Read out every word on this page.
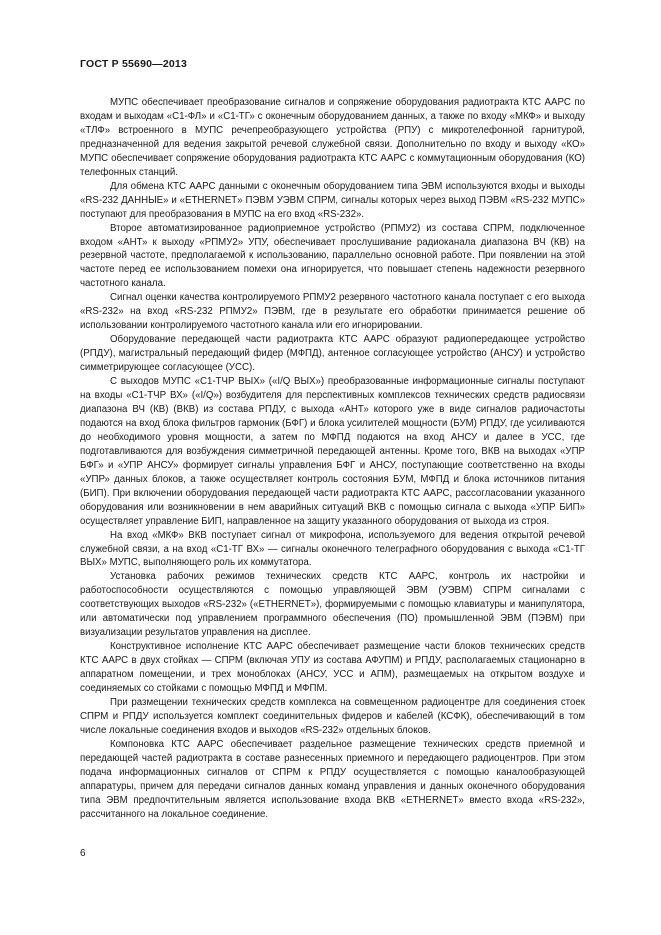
ГОСТ Р 55690—2013

МУПС обеспечивает преобразование сигналов и сопряжение оборудования радиотракта КТС ААРС по входам и выходам «С1-ФЛ» и «С1-ТГ» с оконечным оборудованием данных, а также по входу «МКФ» и выходу «ТЛФ» встроенного в МУПС речепреобразующего устройства (РПУ) с микротелефонной гарнитурой, предназначенной для ведения закрытой речевой служебной связи. Дополнительно по входу и выходу «КО» МУПС обеспечивает сопряжение оборудования радиотракта КТС ААРС с коммутационным оборудования (КО) телефонных станций.

Для обмена КТС ААРС данными с оконечным оборудованием типа ЭВМ используются входы и выходы «RS-232 ДАННЫЕ» и «ETHERNET» ПЭВМ УЭВМ СПРМ, сигналы которых через выход ПЭВМ «RS-232 МУПС» поступают для преобразования в МУПС на его вход «RS-232».

Второе автоматизированное радиоприемное устройство (РПМУ2) из состава СПРМ, подключенное входом «АНТ» к выходу «РПМУ2» УПУ, обеспечивает прослушивание радиоканала диапазона ВЧ (КВ) на резервной частоте, предполагаемой к использованию, параллельно основной работе. При появлении на этой частоте перед ее использованием помехи она игнорируется, что повышает степень надежности резервного частотного канала.

Сигнал оценки качества контролируемого РПМУ2 резервного частотного канала поступает с его выхода «RS-232» на вход «RS-232 РПМУ2» ПЭВМ, где в результате его обработки принимается решение об использовании контролируемого частотного канала или его игнорировании.

Оборудование передающей части радиотракта КТС ААРС образуют радиопередающее устройство (РПДУ), магистральный передающий фидер (МФПД), антенное согласующее устройство (АНСУ) и устройство симметрирующее согласующее (УСС).

С выходов МУПС «С1-ТЧР ВЫХ» («I/Q ВЫХ») преобразованные информационные сигналы поступают на входы «С1-ТЧР ВХ» («I/Q») возбудителя для перспективных комплексов технических средств радиосвязи диапазона ВЧ (КВ) (ВКВ) из состава РПДУ, с выхода «АНТ» которого уже в виде сигналов радиочастоты подаются на вход блока фильтров гармоник (БФГ) и блока усилителей мощности (БУМ) РПДУ, где усиливаются до необходимого уровня мощности, а затем по МФПД подаются на вход АНСУ и далее в УСС, где подготавливаются для возбуждения симметричной передающей антенны. Кроме того, ВКВ на выходах «УПР БФГ» и «УПР АНСУ» формирует сигналы управления БФГ и АНСУ, поступающие соответственно на входы «УПР» данных блоков, а также осуществляет контроль состояния БУМ, МФПД и блока источников питания (БИП). При включении оборудования передающей части радиотракта КТС ААРС, рассогласовании указанного оборудования или возникновении в нем аварийных ситуаций ВКВ с помощью сигнала с выхода «УПР БИП» осуществляет управление БИП, направленное на защиту указанного оборудования от выхода из строя.

На вход «МКФ» ВКВ поступает сигнал от микрофона, используемого для ведения открытой речевой служебной связи, а на вход «С1-ТГ ВХ» — сигналы оконечного телеграфного оборудования с выхода «С1-ТГ ВЫХ» МУПС, выполняющего роль их коммутатора.

Установка рабочих режимов технических средств КТС ААРС, контроль их настройки и работоспособности осуществляются с помощью управляющей ЭВМ (УЭВМ) СПРМ сигналами с соответствующих выходов «RS-232» («ETHERNET»), формируемыми с помощью клавиатуры и манипулятора, или автоматически под управлением программного обеспечения (ПО) промышленной ЭВМ (ПЭВМ) при визуализации результатов управления на дисплее.

Конструктивное исполнение КТС ААРС обеспечивает размещение части блоков технических средств КТС ААРС в двух стойках — СПРМ (включая УПУ из состава АФУПМ) и РПДУ, располагаемых стационарно в аппаратном помещении, и трех моноблоках (АНСУ, УСС и АПМ), размещаемых на открытом воздухе и соединяемых со стойками с помощью МФПД и МФПМ.

При размещении технических средств комплекса на совмещенном радиоцентре для соединения стоек СПРМ и РПДУ используется комплект соединительных фидеров и кабелей (КСФК), обеспечивающий в том числе локальные соединения входов и выходов «RS-232» отдельных блоков.

Компоновка КТС ААРС обеспечивает раздельное размещение технических средств приемной и передающей частей радиотракта в составе разнесенных приемного и передающего радиоцентров. При этом подача информационных сигналов от СПРМ к РПДУ осуществляется с помощью каналообразующей аппаратуры, причем для передачи сигналов данных команд управления и данных оконечного оборудования типа ЭВМ предпочтительным является использование входа ВКВ «ETHERNET» вместо входа «RS-232», рассчитанного на локальное соединение.

6
